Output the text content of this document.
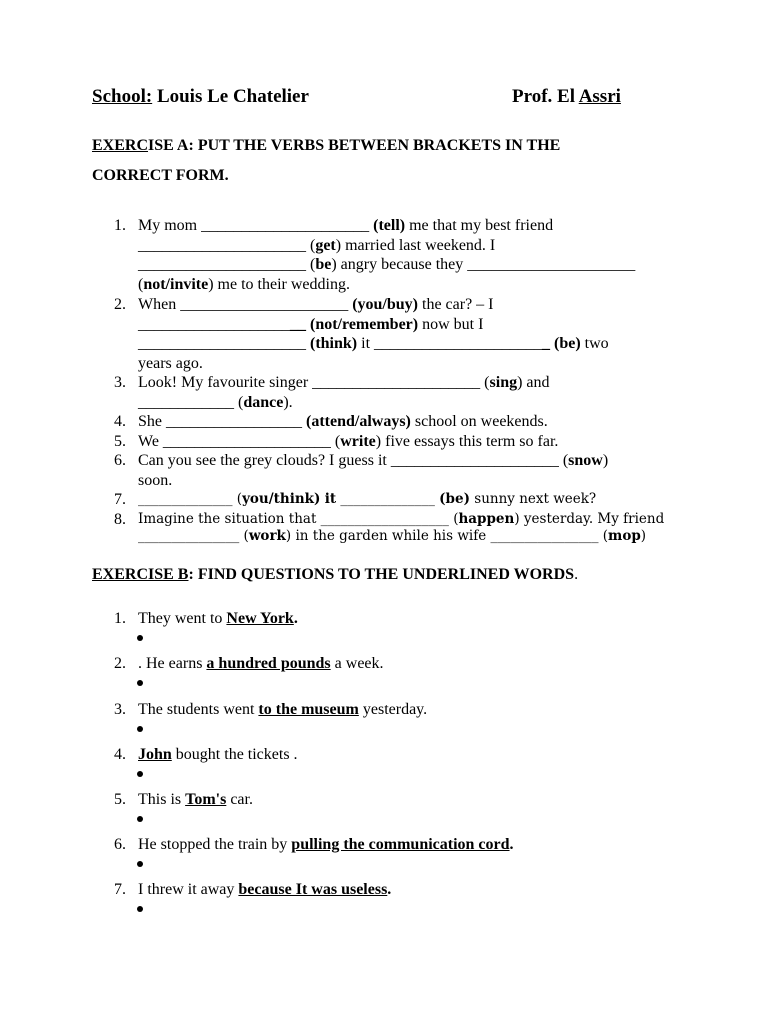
School: Louis Le Chatelier	Prof. El Assri
EXERCISE A: PUT THE VERBS BETWEEN BRACKETS IN THE
CORRECT FORM.
1. My mom _____________________ (tell) me that my best friend
_____________________ (get) married last weekend. I
_____________________ (be) angry because they _____________________
(not/invite) me to their wedding.
2. When _____________________ (you/buy) the car? – I
_____________________ (not/remember) now but I
_____________________ (think) it ______________________ (be) two
years ago.
3. Look! My favourite singer _____________________ (sing) and
____________ (dance).
4. She _________________ (attend/always) school on weekends.
5. We _____________________ (write) five essays this term so far.
6. Can you see the grey clouds? I guess it _____________________ (snow)
soon.
7. ______________ (you/think) it ______________ (be) sunny next week?
8. Imagine the situation that ___________________ (happen) yesterday. My friend
_______________ (work) in the garden while his wife ________________ (mop)
EXERCISE B: FIND QUESTIONS TO THE UNDERLINED WORDS.
1. They went to New York.
2. . He earns a hundred pounds a week.
3. The students went to the museum yesterday.
4. John bought the tickets .
5. This is Tom's car.
6. He stopped the train by pulling the communication cord.
7. I threw it away because It was useless.
